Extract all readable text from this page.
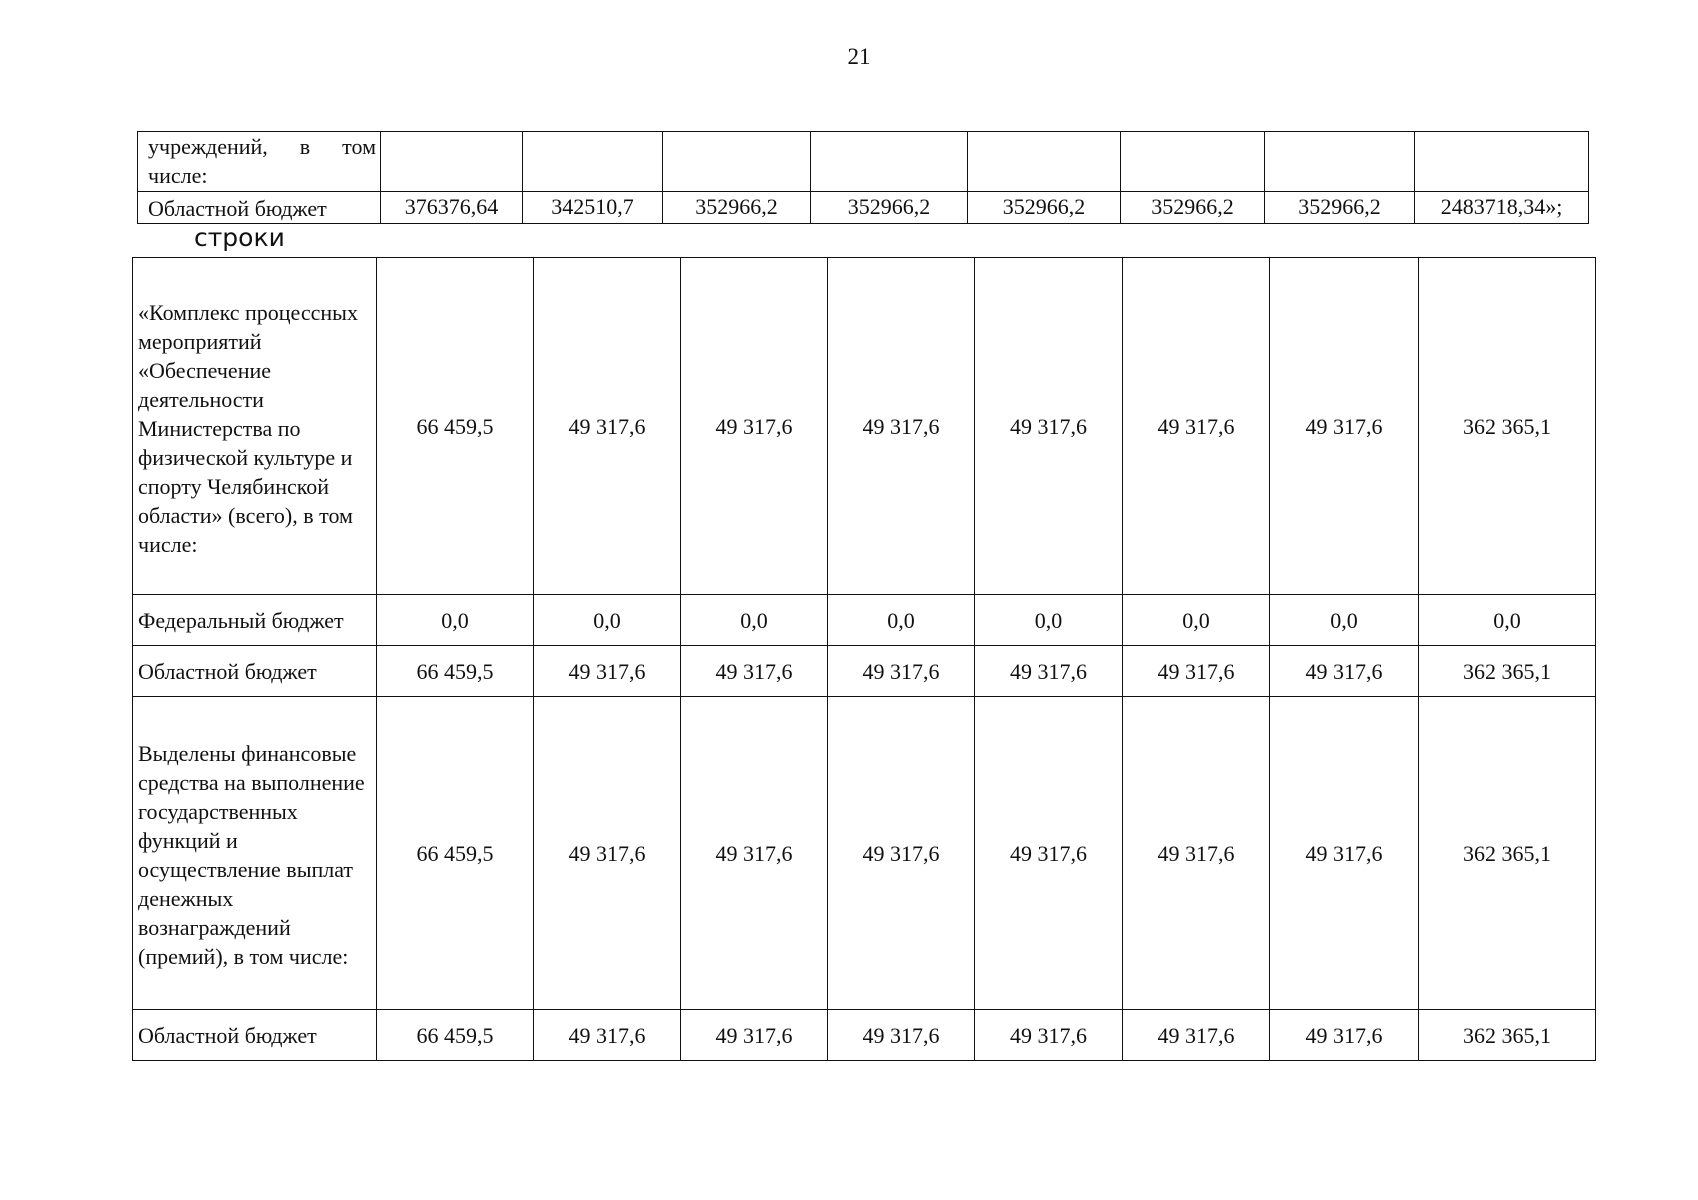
21
учреждений, в том
числе:								

Областной бюджет	376376,64	342510,7	352966,2	352966,2	352966,2	352966,2	352966,2	2483718,34»;
строки
«Комплекс процессных мероприятий «Обеспечение деятельности Министерства по физической культуре и спорту Челябинской области» (всего), в том числе:	66 459,5	49 317,6	49 317,6	49 317,6	49 317,6	49 317,6	49 317,6	362 365,1
Федеральный бюджет	0,0	0,0	0,0	0,0	0,0	0,0	0,0	0,0
Областной бюджет	66 459,5	49 317,6	49 317,6	49 317,6	49 317,6	49 317,6	49 317,6	362 365,1
Выделены финансовые средства на выполнение государственных функций и осуществление выплат денежных вознаграждений (премий), в том числе:	66 459,5	49 317,6	49 317,6	49 317,6	49 317,6	49 317,6	49 317,6	362 365,1
Областной бюджет	66 459,5	49 317,6	49 317,6	49 317,6	49 317,6	49 317,6	49 317,6	362 365,1
